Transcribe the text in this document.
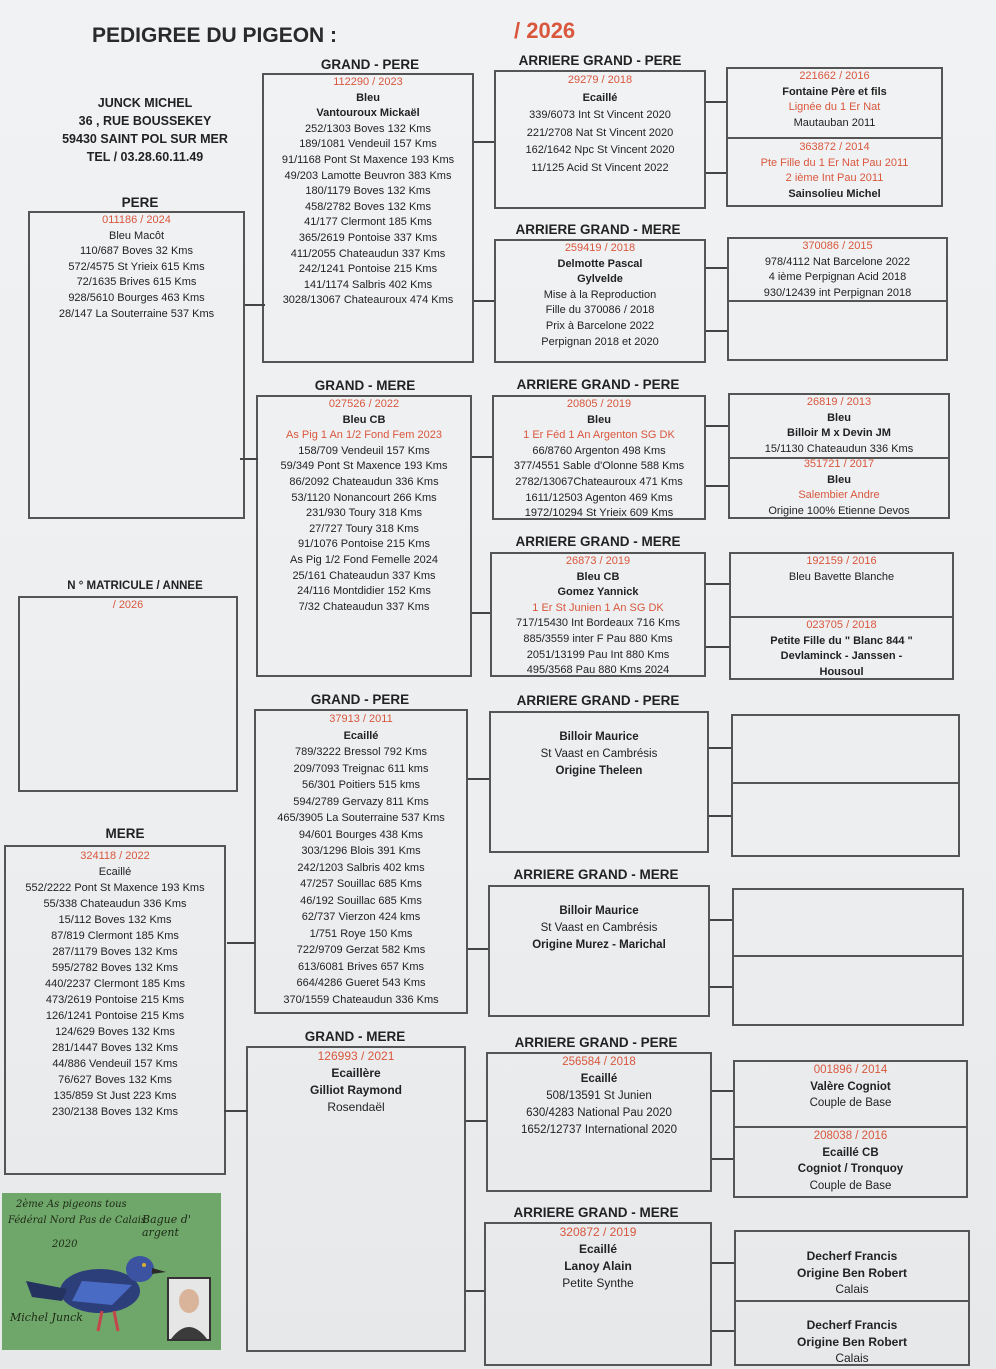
PEDIGREE DU PIGEON :	/ 2026
JUNCK MICHEL
36 , RUE BOUSSEKEY
59430 SAINT POL SUR MER
TEL / 03.28.60.11.49
PERE
N ° MATRICULE / ANNEE
MERE
GRAND - PERE
GRAND - MERE
GRAND - PERE
GRAND - MERE
ARRIERE GRAND - PERE
ARRIERE GRAND - MERE
ARRIERE GRAND - PERE
ARRIERE GRAND - MERE
ARRIERE GRAND - PERE
ARRIERE GRAND - MERE
ARRIERE GRAND - PERE
ARRIERE GRAND - MERE
011186 / 2024
Bleu Macôt
110/687 Boves 32 Kms
572/4575 St Yrieix 615 Kms
72/1635 Brives 615 Kms
928/5610 Bourges 463 Kms
28/147 La Souterraine 537 Kms
/ 2026
324118 / 2022
Ecaillé
552/2222 Pont St Maxence 193 Kms
55/338 Chateaudun 336 Kms
15/112 Boves 132 Kms
87/819 Clermont 185 Kms
287/1179 Boves 132 Kms
595/2782 Boves 132 Kms
440/2237 Clermont 185 Kms
473/2619 Pontoise 215 Kms
126/1241 Pontoise 215 Kms
124/629 Boves 132 Kms
281/1447 Boves 132 Kms
44/886 Vendeuil 157 Kms
76/627 Boves 132 Kms
135/859 St Just 223 Kms
230/2138 Boves 132 Kms
112290 / 2023
Bleu
Vantouroux Mickaël
252/1303 Boves 132 Kms
189/1081 Vendeuil 157 Kms
91/1168 Pont St Maxence 193 Kms
49/203 Lamotte Beuvron 383 Kms
180/1179 Boves 132 Kms
458/2782 Boves 132 Kms
41/177 Clermont 185 Kms
365/2619 Pontoise 337 Kms
411/2055 Chateaudun 337 Kms
242/1241 Pontoise 215 Kms
141/1174 Salbris 402 Kms
3028/13067 Chateauroux 474 Kms
027526 / 2022
Bleu CB
As Pig 1 An 1/2 Fond Fem 2023
158/709 Vendeuil 157 Kms
59/349 Pont St Maxence 193 Kms
86/2092 Chateaudun 336 Kms
53/1120 Nonancourt 266 Kms
231/930 Toury 318 Kms
27/727 Toury 318 Kms
91/1076 Pontoise 215 Kms
As Pig 1/2 Fond Femelle 2024
25/161 Chateaudun 337 Kms
24/116 Montdidier 152 Kms
7/32 Chateaudun 337 Kms
37913 / 2011
Ecaillé
789/3222 Bressol 792 Kms
209/7093 Treignac 611 kms
56/301 Poitiers 515 kms
594/2789 Gervazy 811 Kms
465/3905 La Souterraine 537 Kms
94/601 Bourges 438 Kms
303/1296 Blois 391 Kms
242/1203 Salbris 402 kms
47/257 Souillac 685 Kms
46/192 Souillac 685 Kms
62/737 Vierzon 424 kms
1/751 Roye 150 Kms
722/9709 Gerzat 582 Kms
613/6081 Brives 657 Kms
664/4286 Gueret 543 Kms
370/1559 Chateaudun 336 Kms
126993 / 2021
Ecaillère
Gilliot Raymond
Rosendaël
29279 / 2018
Ecaillé
339/6073 Int St Vincent 2020
221/2708 Nat St Vincent 2020
162/1642 Npc St Vincent 2020
11/125 Acid St Vincent 2022
259419 / 2018
Delmotte Pascal
Gylvelde
Mise à la Reproduction
Fille du 370086 / 2018
Prix à Barcelone 2022
Perpignan 2018 et 2020
20805 / 2019
Bleu
1 Er Féd 1 An Argenton SG DK
66/8760 Argenton 498 Kms
377/4551 Sable d'Olonne 588 Kms
2782/13067Chateauroux 471 Kms
1611/12503 Agenton 469 Kms
1972/10294 St Yrieix 609 Kms
26873 / 2019
Bleu CB
Gomez Yannick
1 Er St Junien 1 An SG DK
717/15430 Int Bordeaux 716 Kms
885/3559 inter F Pau 880 Kms
2051/13199 Pau Int 880 Kms
495/3568 Pau 880 Kms 2024
Billoir Maurice
St Vaast en Cambrésis
Origine Theleen
Billoir Maurice
St Vaast en Cambrésis
Origine Murez - Marichal
256584 / 2018
Ecaillé
508/13591 St Junien
630/4283 National Pau 2020
1652/12737 International 2020
320872 / 2019
Ecaillé
Lanoy Alain
Petite Synthe
221662 / 2016
Fontaine Père et fils
Lignée du 1 Er Nat
Mautauban 2011
363872 / 2014
Pte Fille du 1 Er Nat Pau 2011
2 ième Int Pau 2011
Sainsolieu Michel
370086 / 2015
978/4112 Nat Barcelone 2022
4 ième Perpignan Acid 2018
930/12439 int Perpignan 2018
26819 / 2013
Bleu
Billoir M x Devin JM
15/1130 Chateaudun 336 Kms
351721 / 2017
Bleu
Salembier Andre
Origine 100% Etienne Devos
192159 / 2016
Bleu Bavette Blanche
023705 / 2018
Petite Fille du " Blanc 844 "
Devlaminck - Janssen -
Housoul
001896 / 2014
Valère Cogniot
Couple de Base
208038 / 2016
Ecaillé CB
Cogniot / Tronquoy
Couple de Base
Decherf Francis
Origine Ben Robert
Calais
Decherf Francis
Origine Ben Robert
Calais
2ème As pigeons tous
Fédéral Nord Pas de Calais
2020
Bague d' argent
Michel Junck
